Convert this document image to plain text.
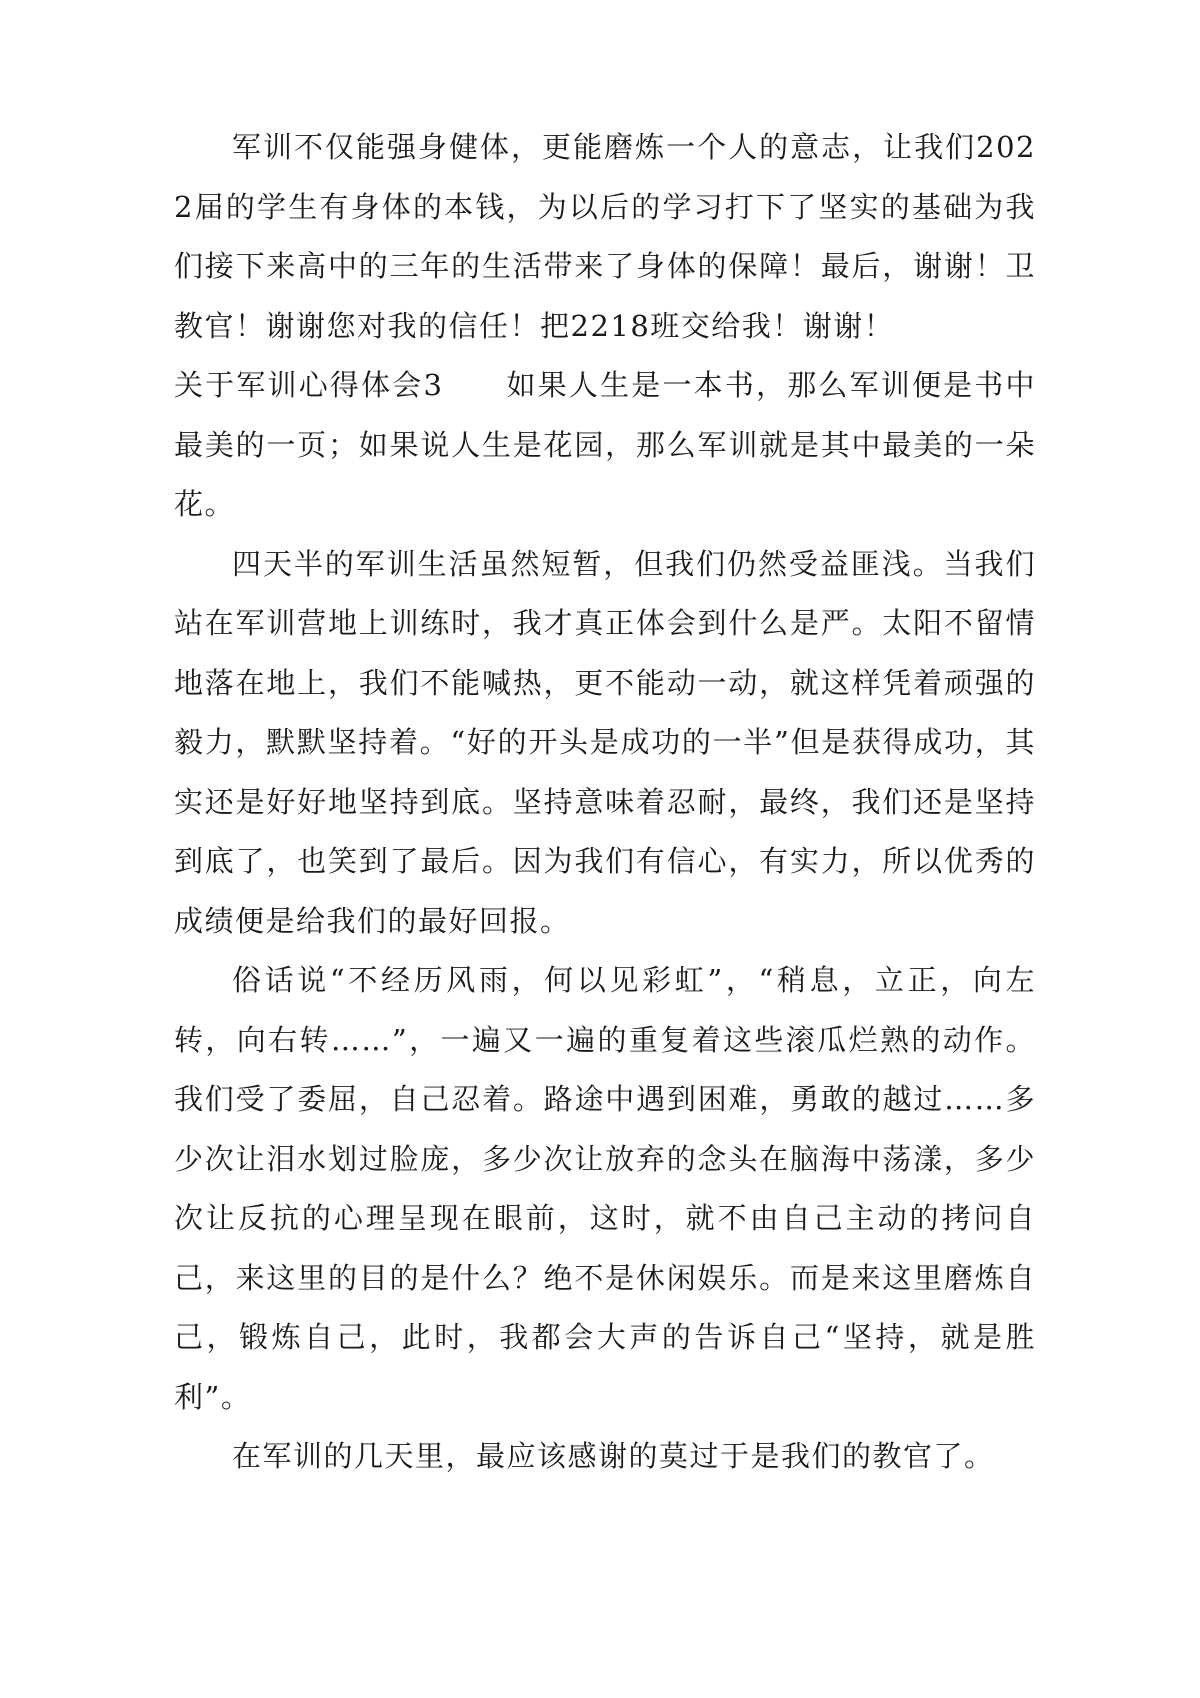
军训不仅能强身健体，更能磨炼一个人的意志，让我们2022届的学生有身体的本钱，为以后的学习打下了坚实的基础为我们接下来高中的三年的生活带来了身体的保障！最后，谢谢！卫教官！谢谢您对我的信任！把2218班交给我！谢谢！

关于军训心得体会3　　如果人生是一本书，那么军训便是书中最美的一页；如果说人生是花园，那么军训就是其中最美的一朵花。

四天半的军训生活虽然短暂，但我们仍然受益匪浅。当我们站在军训营地上训练时，我才真正体会到什么是严。太阳不留情地落在地上，我们不能喊热，更不能动一动，就这样凭着顽强的毅力，默默坚持着。“好的开头是成功的一半”但是获得成功，其实还是好好地坚持到底。坚持意味着忍耐，最终，我们还是坚持到底了，也笑到了最后。因为我们有信心，有实力，所以优秀的成绩便是给我们的最好回报。

俗话说“不经历风雨，何以见彩虹”，“稍息，立正，向左转，向右转……”，一遍又一遍的重复着这些滚瓜烂熟的动作。我们受了委屈，自己忍着。路途中遇到困难，勇敢的越过……多少次让泪水划过脸庞，多少次让放弃的念头在脑海中荡漾，多少次让反抗的心理呈现在眼前，这时，就不由自己主动的拷问自己，来这里的目的是什么？绝不是休闲娱乐。而是来这里磨炼自己，锻炼自己，此时，我都会大声的告诉自己“坚持，就是胜利”。

在军训的几天里，最应该感谢的莫过于是我们的教官了。
